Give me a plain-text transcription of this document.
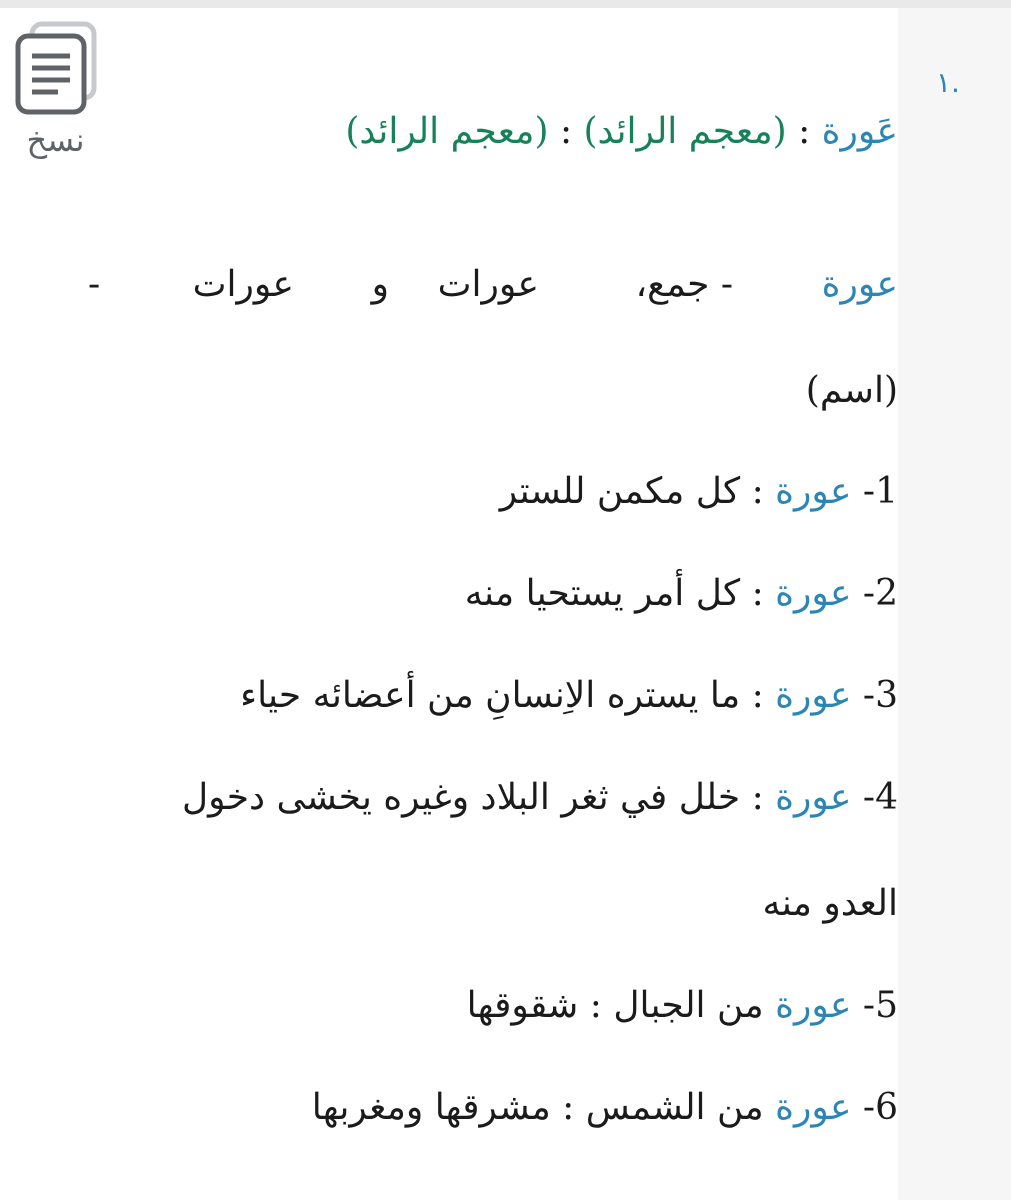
نسخ
١.
عَورة : (معجم الرائد) : (معجم الرائد)
عورة
- جمع،
عورات
و
عورات
-
(اسم)
1- عورة : كل مكمن للستر
2- عورة : كل أمر يستحيا منه
3- عورة : ما يستره الاِنسانِ من أعضائه حياء
4- عورة : خلل في ثغر البلاد وغيره يخشى دخول
العدو منه
5- عورة من الجبال : شقوقها
6- عورة من الشمس : مشرقها ومغربها
